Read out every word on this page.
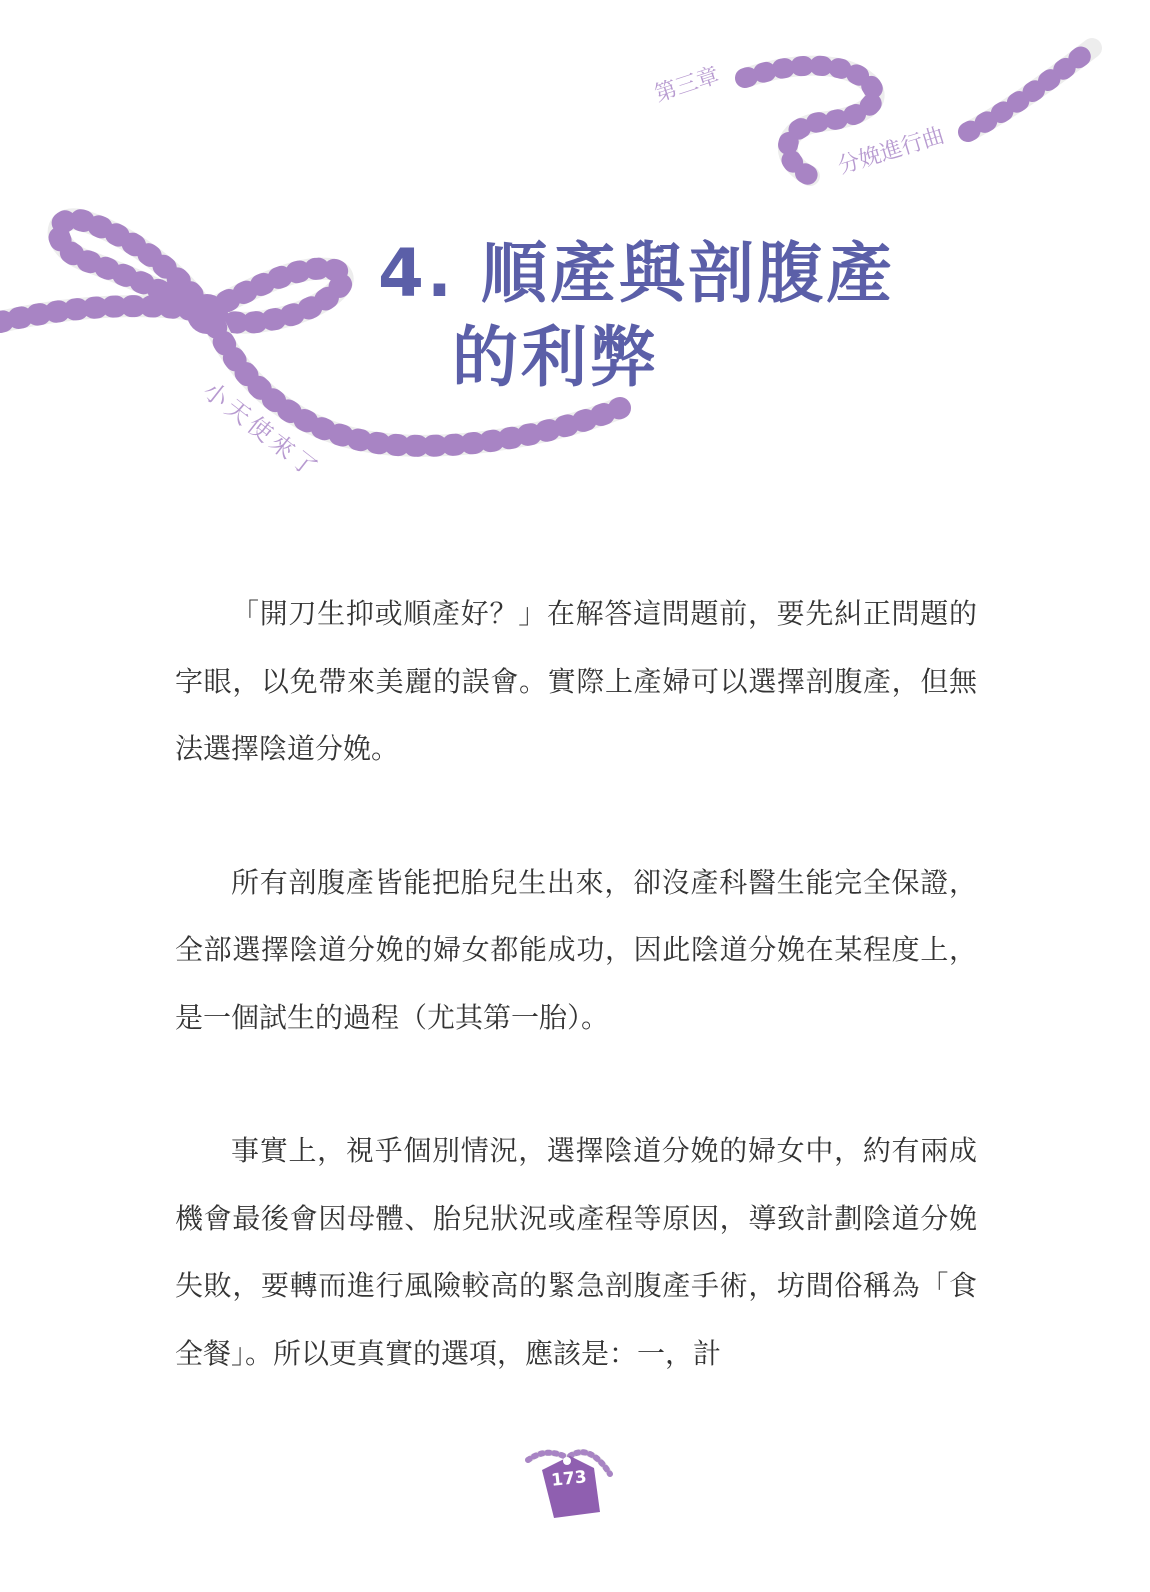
第三章
分娩進行曲
小天使來了
4. 順產與剖腹產
的利弊

「開刀生抑或順產好？」在解答這問題前，要先糾正問題的字眼，以免帶來美麗的誤會。實際上產婦可以選擇剖腹產，但無法選擇陰道分娩。

所有剖腹產皆能把胎兒生出來，卻沒產科醫生能完全保證，全部選擇陰道分娩的婦女都能成功，因此陰道分娩在某程度上，是一個試生的過程（尤其第一胎）。

事實上，視乎個別情況，選擇陰道分娩的婦女中，約有兩成機會最後會因母體、胎兒狀況或產程等原因，導致計劃陰道分娩失敗，要轉而進行風險較高的緊急剖腹產手術，坊間俗稱為「食全餐」。所以更真實的選項，應該是：一，計

173
